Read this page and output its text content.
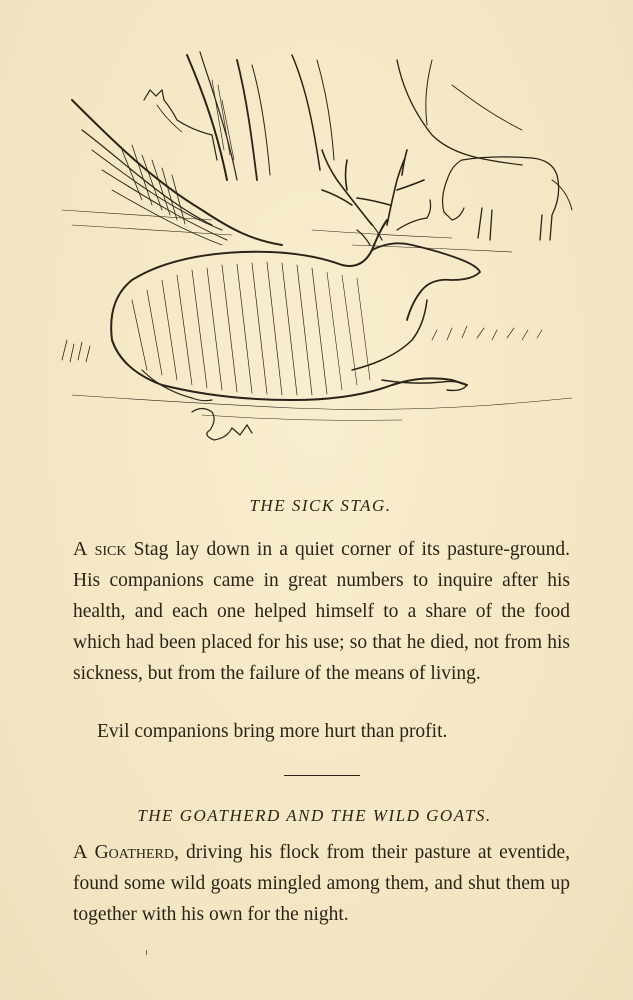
THE SICK STAG.
A sick Stag lay down in a quiet corner of its pasture-ground. His companions came in great numbers to inquire after his health, and each one helped himself to a share of the food which had been placed for his use; so that he died, not from his sickness, but from the failure of the means of living.
Evil companions bring more hurt than profit.
THE GOATHERD AND THE WILD GOATS.
A Goatherd, driving his flock from their pasture at eventide, found some wild goats mingled among them, and shut them up together with his own for the night.
